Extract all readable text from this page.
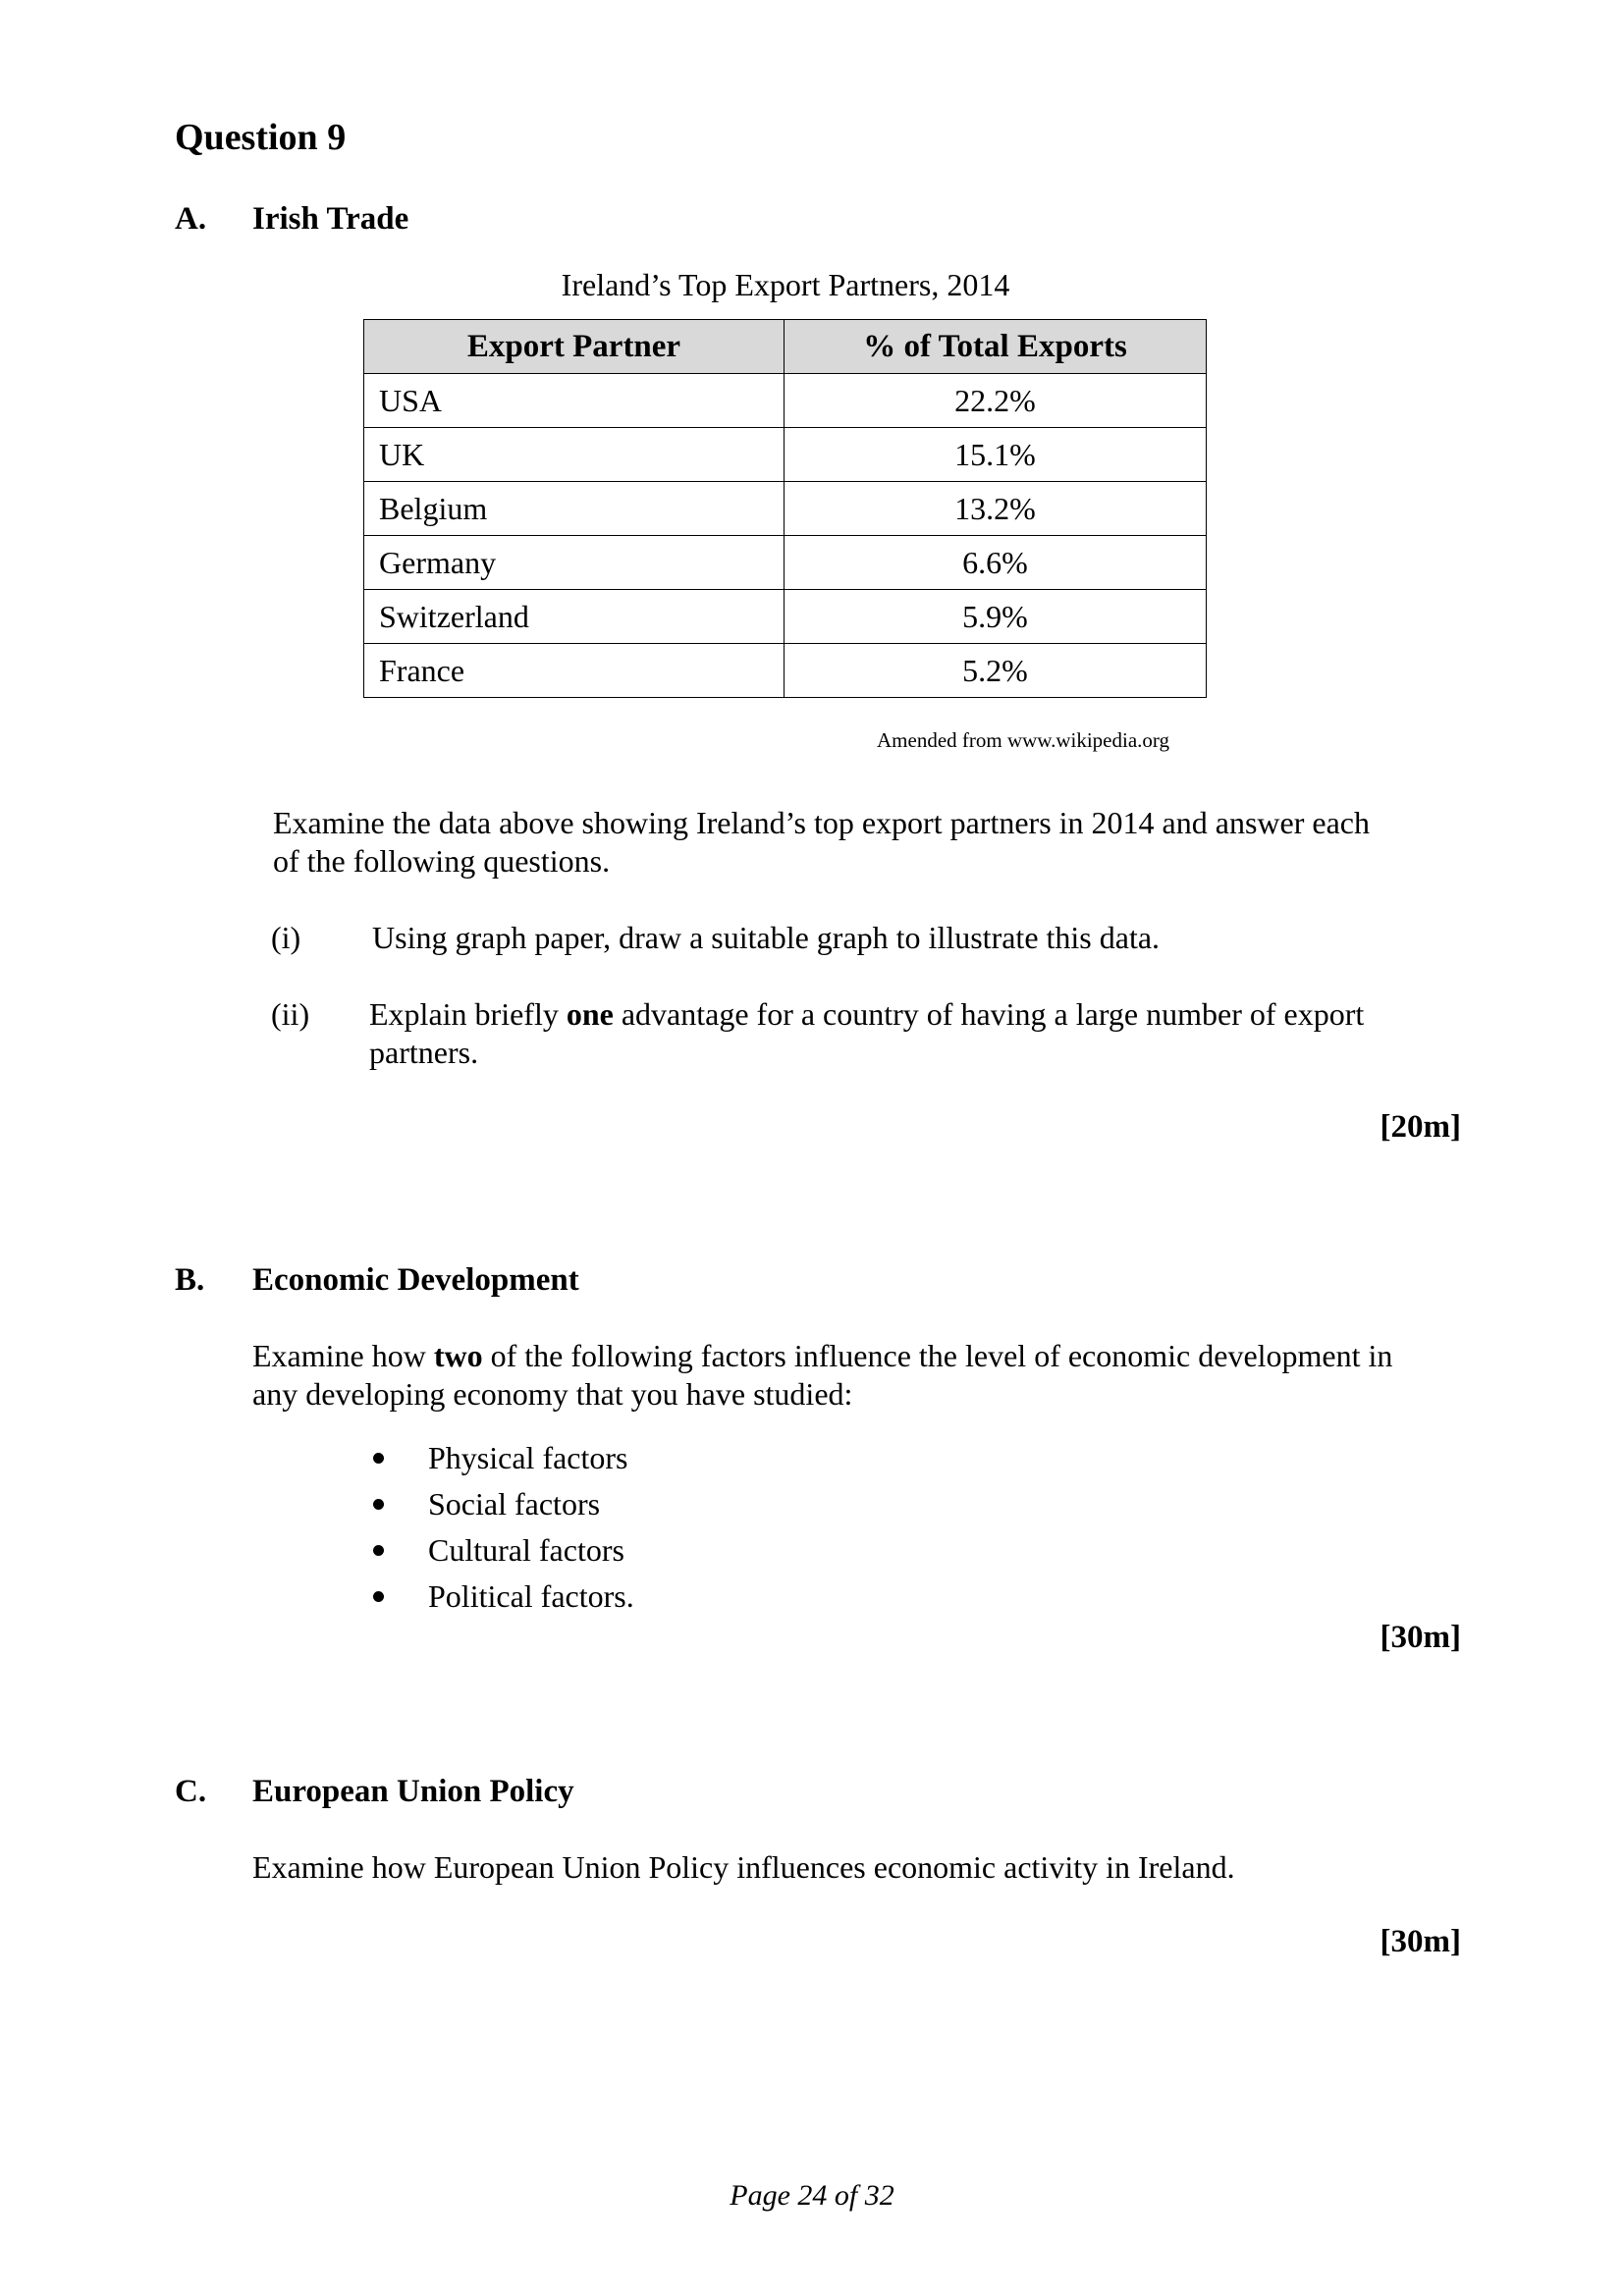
Question 9
A. Irish Trade
Ireland’s Top Export Partners, 2014
Export Partner	% of Total Exports
USA	22.2%
UK	15.1%
Belgium	13.2%
Germany	6.6%
Switzerland	5.9%
France	5.2%
Amended from www.wikipedia.org
Examine the data above showing Ireland’s top export partners in 2014 and answer each
of the following questions.
(i) Using graph paper, draw a suitable graph to illustrate this data.
(ii) Explain briefly one advantage for a country of having a large number of export
partners.
[20m]
B. Economic Development
Examine how two of the following factors influence the level of economic development in
any developing economy that you have studied:
Physical factors
Social factors
Cultural factors
Political factors.
[30m]
C. European Union Policy
Examine how European Union Policy influences economic activity in Ireland.
[30m]
Page 24 of 32
